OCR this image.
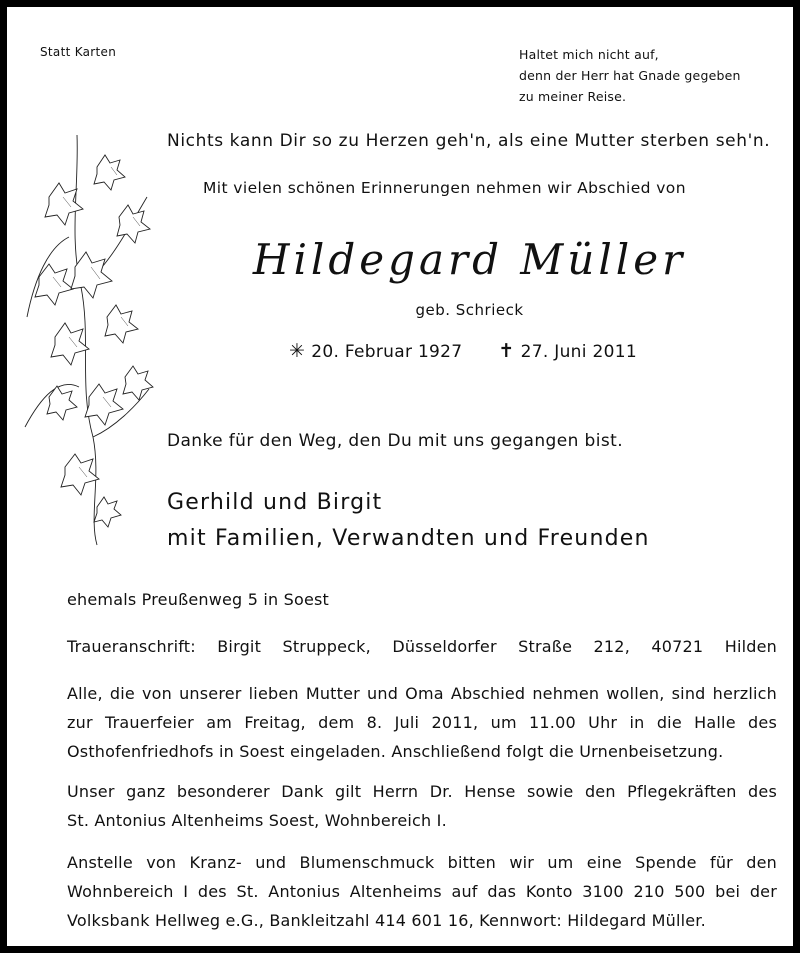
Statt Karten	Haltet mich nicht auf,
denn der Herr hat Gnade gegeben
zu meiner Reise.

Nichts kann Dir so zu Herzen geh'n, als eine Mutter sterben seh'n.

Mit vielen schönen Erinnerungen nehmen wir Abschied von

Hildegard Müller

geb. Schrieck

✳ 20. Februar 1927 ✝ 27. Juni 2011

Danke für den Weg, den Du mit uns gegangen bist.

Gerhild und Birgit
mit Familien, Verwandten und Freunden

ehemals Preußenweg 5 in Soest

Traueranschrift: Birgit Struppeck, Düsseldorfer Straße 212, 40721 Hilden

Alle, die von unserer lieben Mutter und Oma Abschied nehmen wollen, sind herzlich
zur Trauerfeier am Freitag, dem 8. Juli 2011, um 11.00 Uhr in die Halle des
Osthofenfriedhofs in Soest eingeladen. Anschließend folgt die Urnenbeisetzung.
Unser ganz besonderer Dank gilt Herrn Dr. Hense sowie den Pflegekräften des
St. Antonius Altenheims Soest, Wohnbereich I.
Anstelle von Kranz- und Blumenschmuck bitten wir um eine Spende für den
Wohnbereich I des St. Antonius Altenheims auf das Konto 3100 210 500 bei der
Volksbank Hellweg e.G., Bankleitzahl 414 601 16, Kennwort: Hildegard Müller.
